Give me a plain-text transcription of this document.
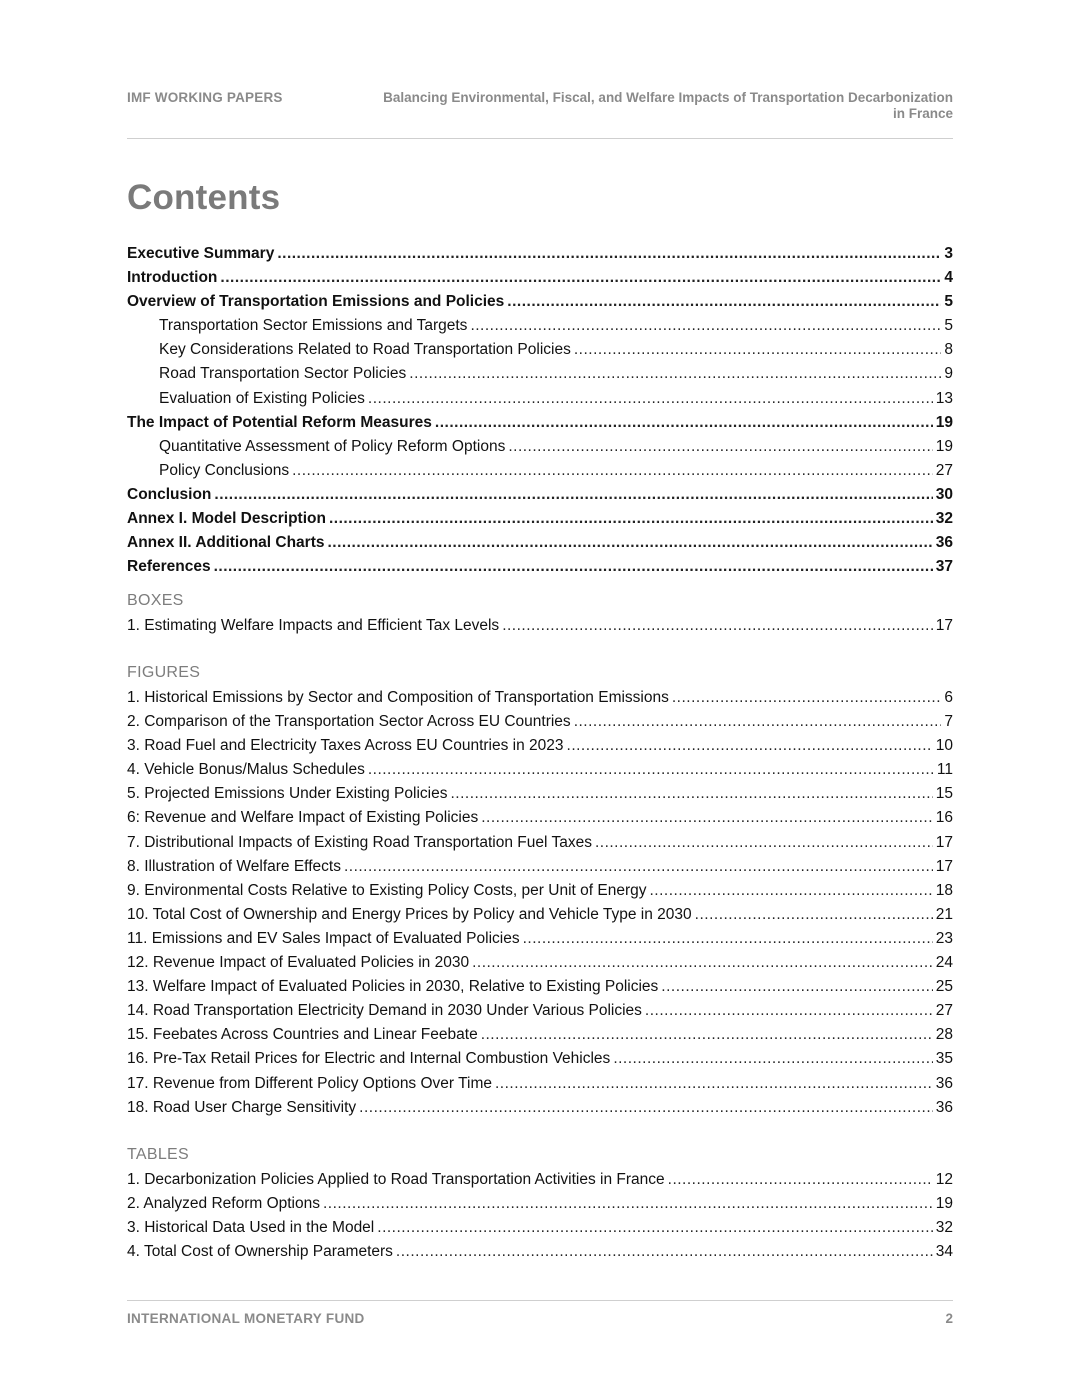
IMF WORKING PAPERS	Balancing Environmental, Fiscal, and Welfare Impacts of Transportation Decarbonization
in France
Contents
Executive Summary .....	3
Introduction .....	4
Overview of Transportation Emissions and Policies .....	5
Transportation Sector Emissions and Targets .....	5
Key Considerations Related to Road Transportation Policies .....	8
Road Transportation Sector Policies .....	9
Evaluation of Existing Policies .....	13
The Impact of Potential Reform Measures .....	19
Quantitative Assessment of Policy Reform Options .....	19
Policy Conclusions .....	27
Conclusion .....	30
Annex I. Model Description .....	32
Annex II. Additional Charts .....	36
References .....	37
BOXES
1. Estimating Welfare Impacts and Efficient Tax Levels .....	17
FIGURES
1. Historical Emissions by Sector and Composition of Transportation Emissions .....	6
2. Comparison of the Transportation Sector Across EU Countries .....	7
3. Road Fuel and Electricity Taxes Across EU Countries in 2023 .....	10
4. Vehicle Bonus/Malus Schedules .....	11
5. Projected Emissions Under Existing Policies .....	15
6: Revenue and Welfare Impact of Existing Policies .....	16
7. Distributional Impacts of Existing Road Transportation Fuel Taxes .....	17
8. Illustration of Welfare Effects .....	17
9. Environmental Costs Relative to Existing Policy Costs, per Unit of Energy .....	18
10. Total Cost of Ownership and Energy Prices by Policy and Vehicle Type in 2030 .....	21
11. Emissions and EV Sales Impact of Evaluated Policies .....	23
12. Revenue Impact of Evaluated Policies in 2030 .....	24
13. Welfare Impact of Evaluated Policies in 2030, Relative to Existing Policies .....	25
14. Road Transportation Electricity Demand in 2030 Under Various Policies .....	27
15. Feebates Across Countries and Linear Feebate .....	28
16. Pre-Tax Retail Prices for Electric and Internal Combustion Vehicles .....	35
17. Revenue from Different Policy Options Over Time .....	36
18. Road User Charge Sensitivity .....	36
TABLES
1. Decarbonization Policies Applied to Road Transportation Activities in France .....	12
2. Analyzed Reform Options .....	19
3. Historical Data Used in the Model .....	32
4. Total Cost of Ownership Parameters .....	34
INTERNATIONAL MONETARY FUND	2
